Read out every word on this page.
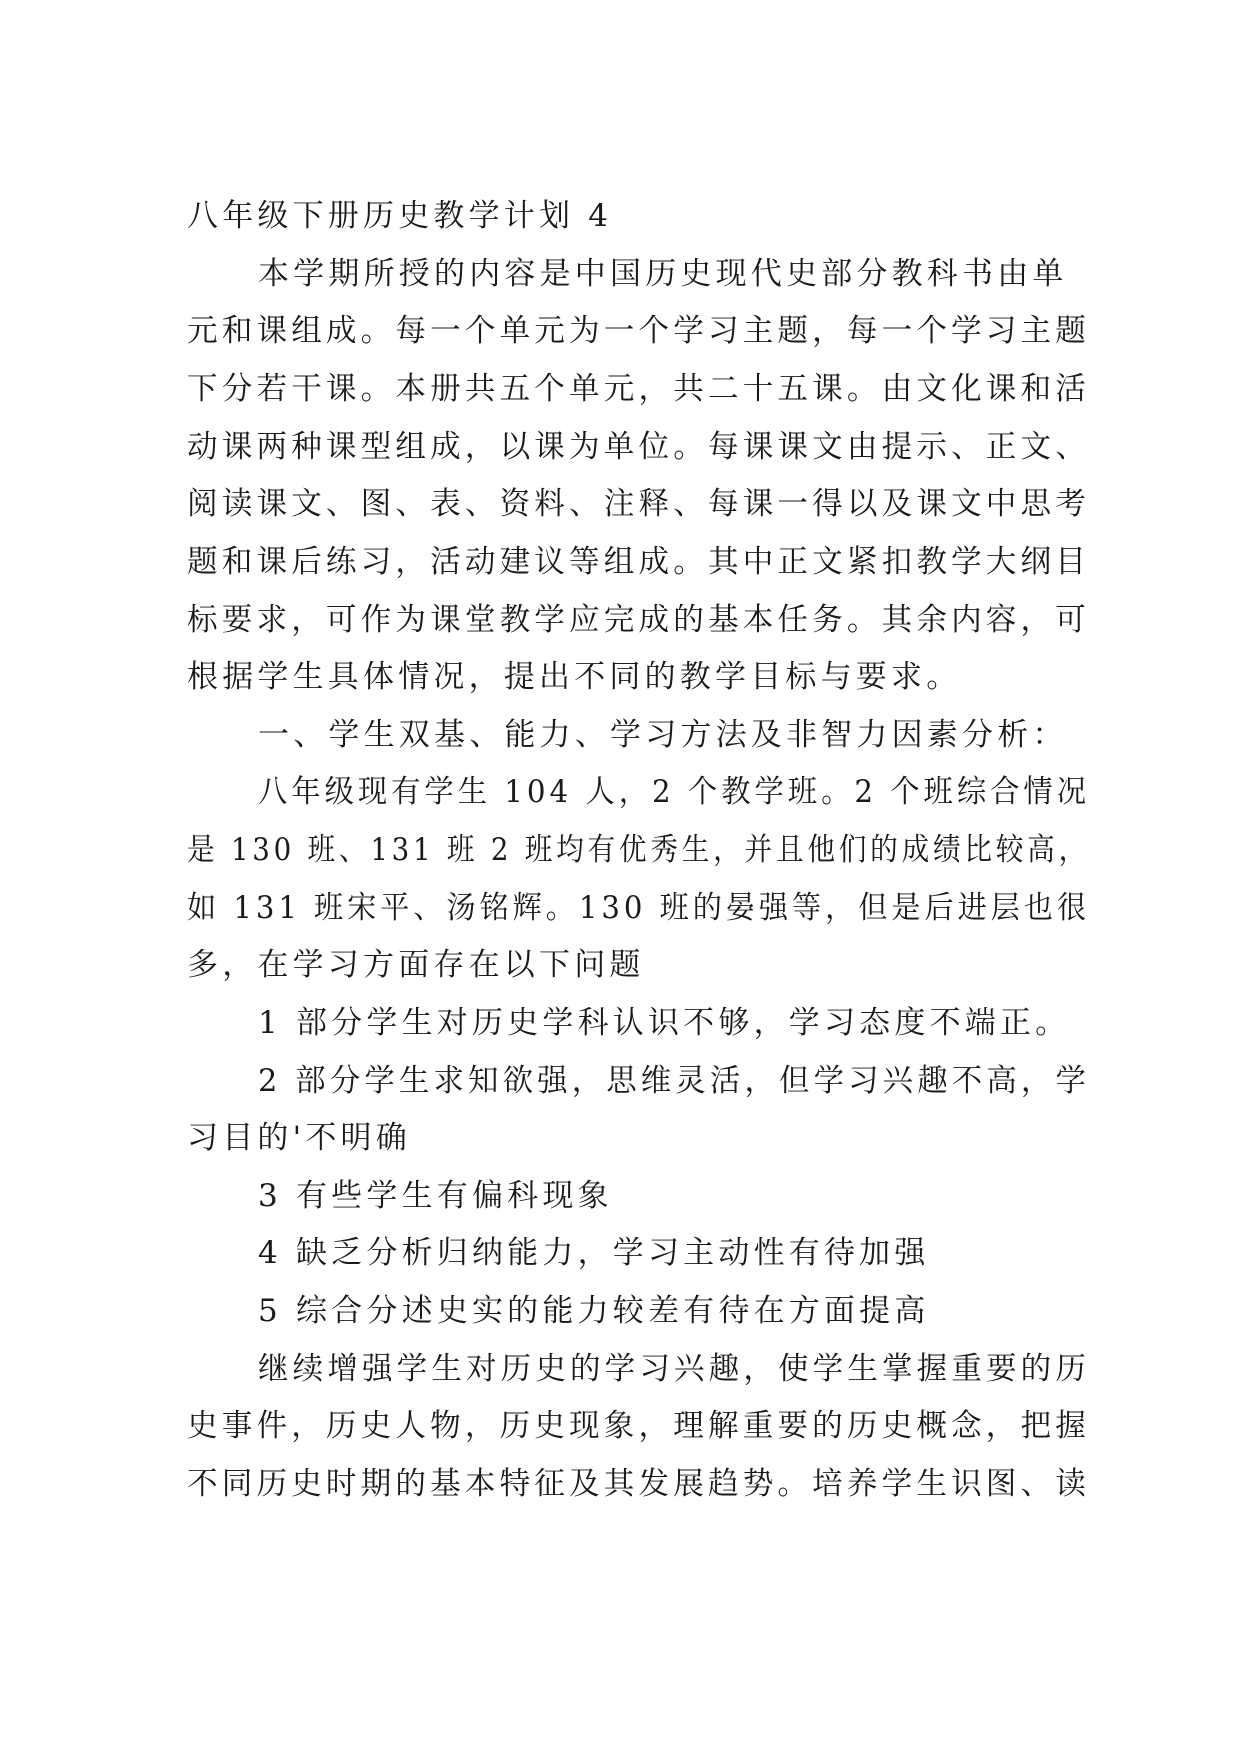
八年级下册历史教学计划 4
本学期所授的内容是中国历史现代史部分教科书由单
元和课组成。每一个单元为一个学习主题，每一个学习主题
下分若干课。本册共五个单元，共二十五课。由文化课和活
动课两种课型组成，以课为单位。每课课文由提示、正文、
阅读课文、图、表、资料、注释、每课一得以及课文中思考
题和课后练习，活动建议等组成。其中正文紧扣教学大纲目
标要求，可作为课堂教学应完成的基本任务。其余内容，可
根据学生具体情况，提出不同的教学目标与要求。
一、学生双基、能力、学习方法及非智力因素分析：
八年级现有学生 104 人，2 个教学班。2 个班综合情况
是 130 班、131 班 2 班均有优秀生，并且他们的成绩比较高，
如 131 班宋平、汤铭辉。130 班的晏强等，但是后进层也很
多，在学习方面存在以下问题
1 部分学生对历史学科认识不够，学习态度不端正。
2 部分学生求知欲强，思维灵活，但学习兴趣不高，学
习目的'不明确
3 有些学生有偏科现象
4 缺乏分析归纳能力，学习主动性有待加强
5 综合分述史实的能力较差有待在方面提高
继续增强学生对历史的学习兴趣，使学生掌握重要的历
史事件，历史人物，历史现象，理解重要的历史概念，把握
不同历史时期的基本特征及其发展趋势。培养学生识图、读
